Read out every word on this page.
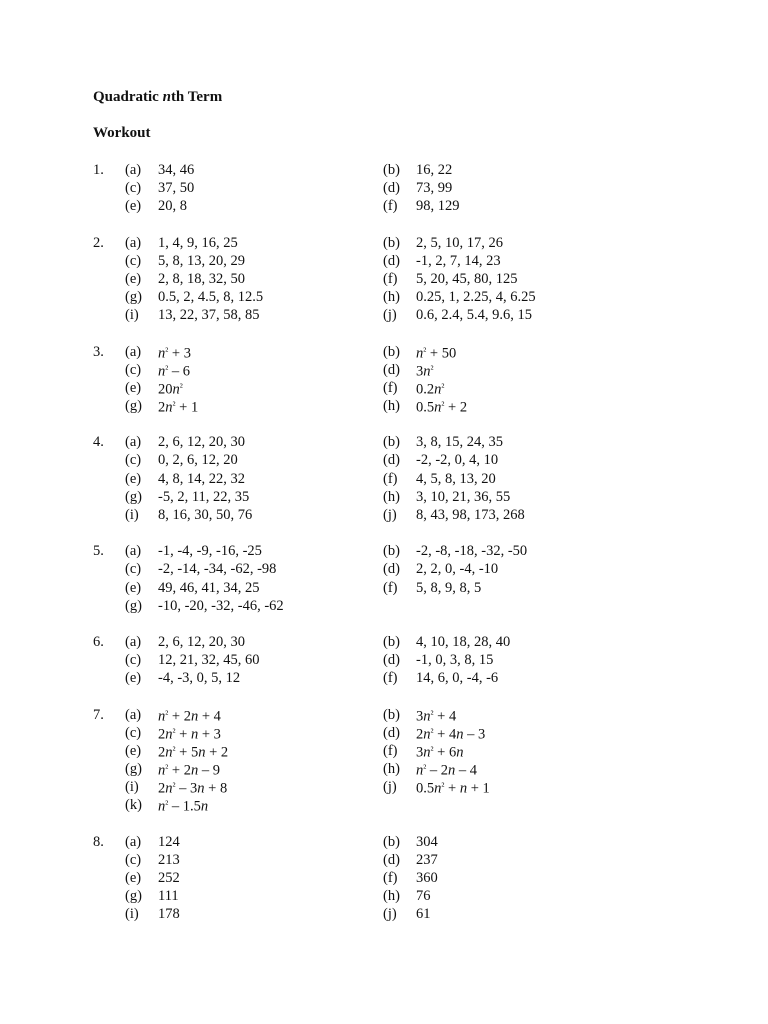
Quadratic nth Term
Workout
1. (a) 34, 46	(b) 16, 22
(c) 37, 50	(d) 73, 99
(e) 20, 8	(f) 98, 129
2. (a) 1, 4, 9, 16, 25	(b) 2, 5, 10, 17, 26
(c) 5, 8, 13, 20, 29	(d) -1, 2, 7, 14, 23
(e) 2, 8, 18, 32, 50	(f) 5, 20, 45, 80, 125
(g) 0.5, 2, 4.5, 8, 12.5	(h) 0.25, 1, 2.25, 4, 6.25
(i) 13, 22, 37, 58, 85	(j) 0.6, 2.4, 5.4, 9.6, 15
3. (a) $n^{^2} + 3$	(b) $n^{^2} + 50$
(c) $n^{^2} - 6$	(d) $3n^{^2}$
(e) $20n^{^2}$	(f) $0.2n^{^2}$
(g) $2n^{^2} + 1$	(h) $0.5n^{^2} + 2$
4. (a) 2, 6, 12, 20, 30	(b) 3, 8, 15, 24, 35
(c) 0, 2, 6, 12, 20	(d) -2, -2, 0, 4, 10
(e) 4, 8, 14, 22, 32	(f) 4, 5, 8, 13, 20
(g) -5, 2, 11, 22, 35	(h) 3, 10, 21, 36, 55
(i) 8, 16, 30, 50, 76	(j) 8, 43, 98, 173, 268
5. (a) -1, -4, -9, -16, -25	(b) -2, -8, -18, -32, -50
(c) -2, -14, -34, -62, -98	(d) 2, 2, 0, -4, -10
(e) 49, 46, 41, 34, 25	(f) 5, 8, 9, 8, 5
(g) -10, -20, -32, -46, -62
6. (a) 2, 6, 12, 20, 30	(b) 4, 10, 18, 28, 40
(c) 12, 21, 32, 45, 60	(d) -1, 0, 3, 8, 15
(e) -4, -3, 0, 5, 12	(f) 14, 6, 0, -4, -6
7. (a) $n^{^2} + 2n + 4$	(b) $3n^{^2} + 4$
(c) $2n^{^2} + n + 3$	(d) $2n^{^2} + 4n - 3$
(e) $2n^{^2} + 5n + 2$	(f) $3n^{^2} + 6n$
(g) $n^{^2} + 2n - 9$	(h) $n^{^2} - 2n - 4$
(i) $2n^{^2} - 3n + 8$	(j) $0.5n^{^2} + n + 1$
(k) $n^{^2} - 1.5n$
8. (a) 124	(b) 304
(c) 213	(d) 237
(e) 252	(f) 360
(g) 111	(h) 76
(i) 178	(j) 61
